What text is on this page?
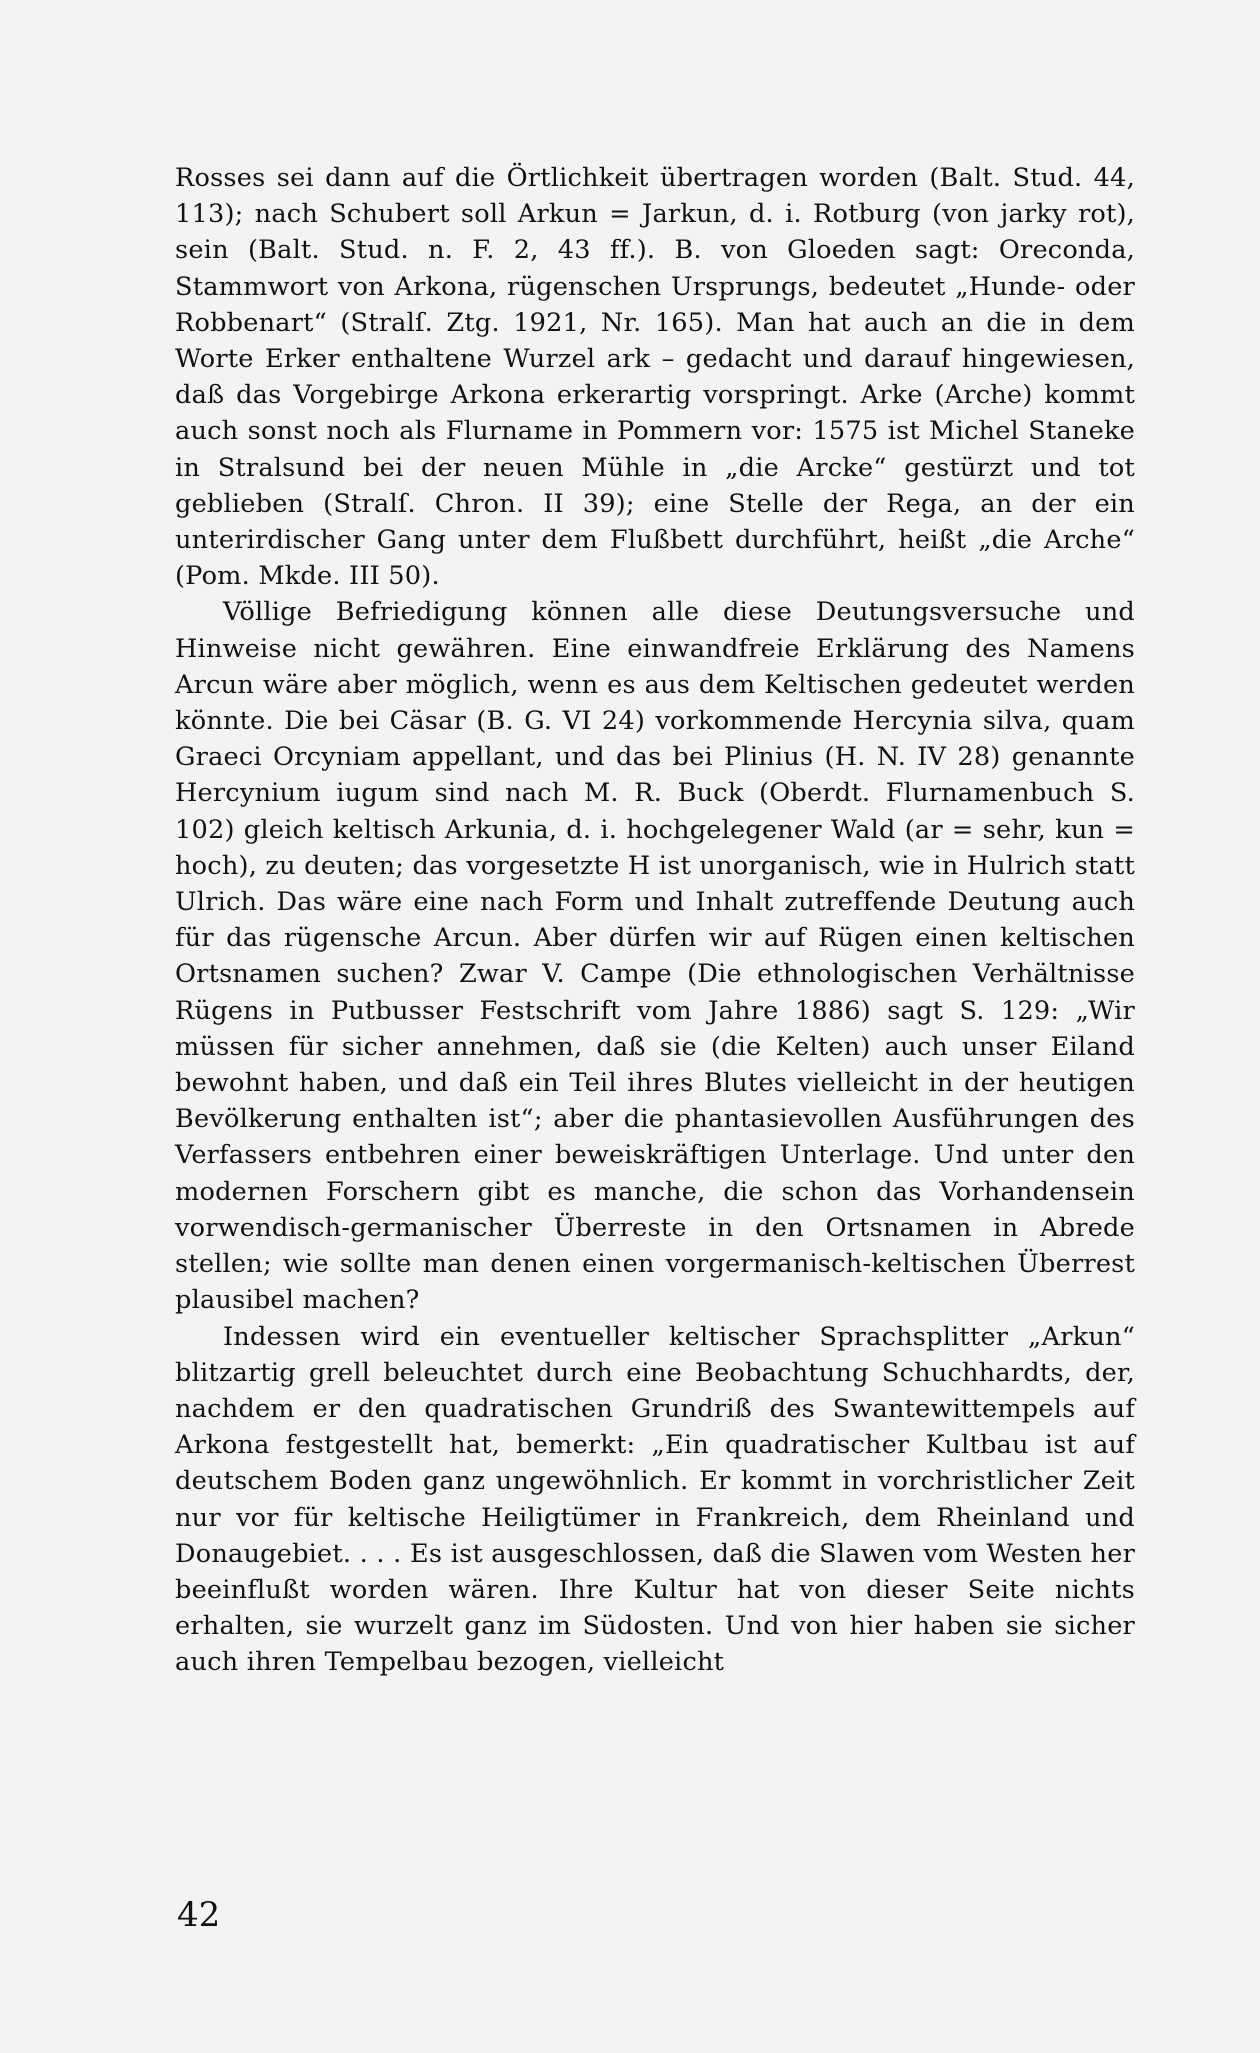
Rosses sei dann auf die Örtlichkeit übertragen worden (Balt. Stud. 44, 113); nach Schubert soll Arkun = Jarkun, d. i. Rotburg (von jarky rot), sein (Balt. Stud. n. F. 2, 43 ff.). B. von Gloeden sagt: Oreconda, Stammwort von Arkona, rügenschen Ursprungs, bedeutet „Hunde- oder Robbenart“ (Stralſ. Ztg. 1921, Nr. 165). Man hat auch an die in dem Worte Erker enthaltene Wurzel ark – gedacht und darauf hingewiesen, daß das Vorgebirge Arkona erkerartig vorspringt. Arke (Arche) kommt auch sonst noch als Flurname in Pommern vor: 1575 ist Michel Staneke in Stralsund bei der neuen Mühle in „die Arcke“ gestürzt und tot geblieben (Stralſ. Chron. II 39); eine Stelle der Rega, an der ein unterirdischer Gang unter dem Flußbett durchführt, heißt „die Arche“ (Pom. Mkde. III 50).

Völlige Befriedigung können alle diese Deutungsversuche und Hinweise nicht gewähren. Eine einwandfreie Erklärung des Namens Arcun wäre aber möglich, wenn es aus dem Keltischen gedeutet werden könnte. Die bei Cäsar (B. G. VI 24) vorkommende Hercynia silva, quam Graeci Orcyniam appellant, und das bei Plinius (H. N. IV 28) genannte Hercynium iugum sind nach M. R. Buck (Oberdt. Flurnamenbuch S. 102) gleich keltisch Arkunia, d. i. hochgelegener Wald (ar = sehr, kun = hoch), zu deuten; das vorgesetzte H ist unorganisch, wie in Hulrich statt Ulrich. Das wäre eine nach Form und Inhalt zutreffende Deutung auch für das rügensche Arcun. Aber dürfen wir auf Rügen einen keltischen Ortsnamen suchen? Zwar V. Campe (Die ethnologischen Verhältnisse Rügens in Putbusser Festschrift vom Jahre 1886) sagt S. 129: „Wir müssen für sicher annehmen, daß sie (die Kelten) auch unser Eiland bewohnt haben, und daß ein Teil ihres Blutes vielleicht in der heutigen Bevölkerung enthalten ist“; aber die phantasievollen Ausführungen des Verfassers entbehren einer beweiskräftigen Unterlage. Und unter den modernen Forschern gibt es manche, die schon das Vorhandensein vorwendisch-germanischer Überreste in den Ortsnamen in Abrede stellen; wie sollte man denen einen vorgermanisch-keltischen Überrest plausibel machen?

Indessen wird ein eventueller keltischer Sprachsplitter „Arkun“ blitzartig grell beleuchtet durch eine Beobachtung Schuchhardts, der, nachdem er den quadratischen Grundriß des Swantewittempels auf Arkona festgestellt hat, bemerkt: „Ein quadratischer Kultbau ist auf deutschem Boden ganz ungewöhnlich. Er kommt in vorchristlicher Zeit nur vor für keltische Heiligtümer in Frankreich, dem Rheinland und Donaugebiet. . . . Es ist ausgeschlossen, daß die Slawen vom Westen her beeinflußt worden wären. Ihre Kultur hat von dieser Seite nichts erhalten, sie wurzelt ganz im Südosten. Und von hier haben sie sicher auch ihren Tempelbau bezogen, vielleicht

42
